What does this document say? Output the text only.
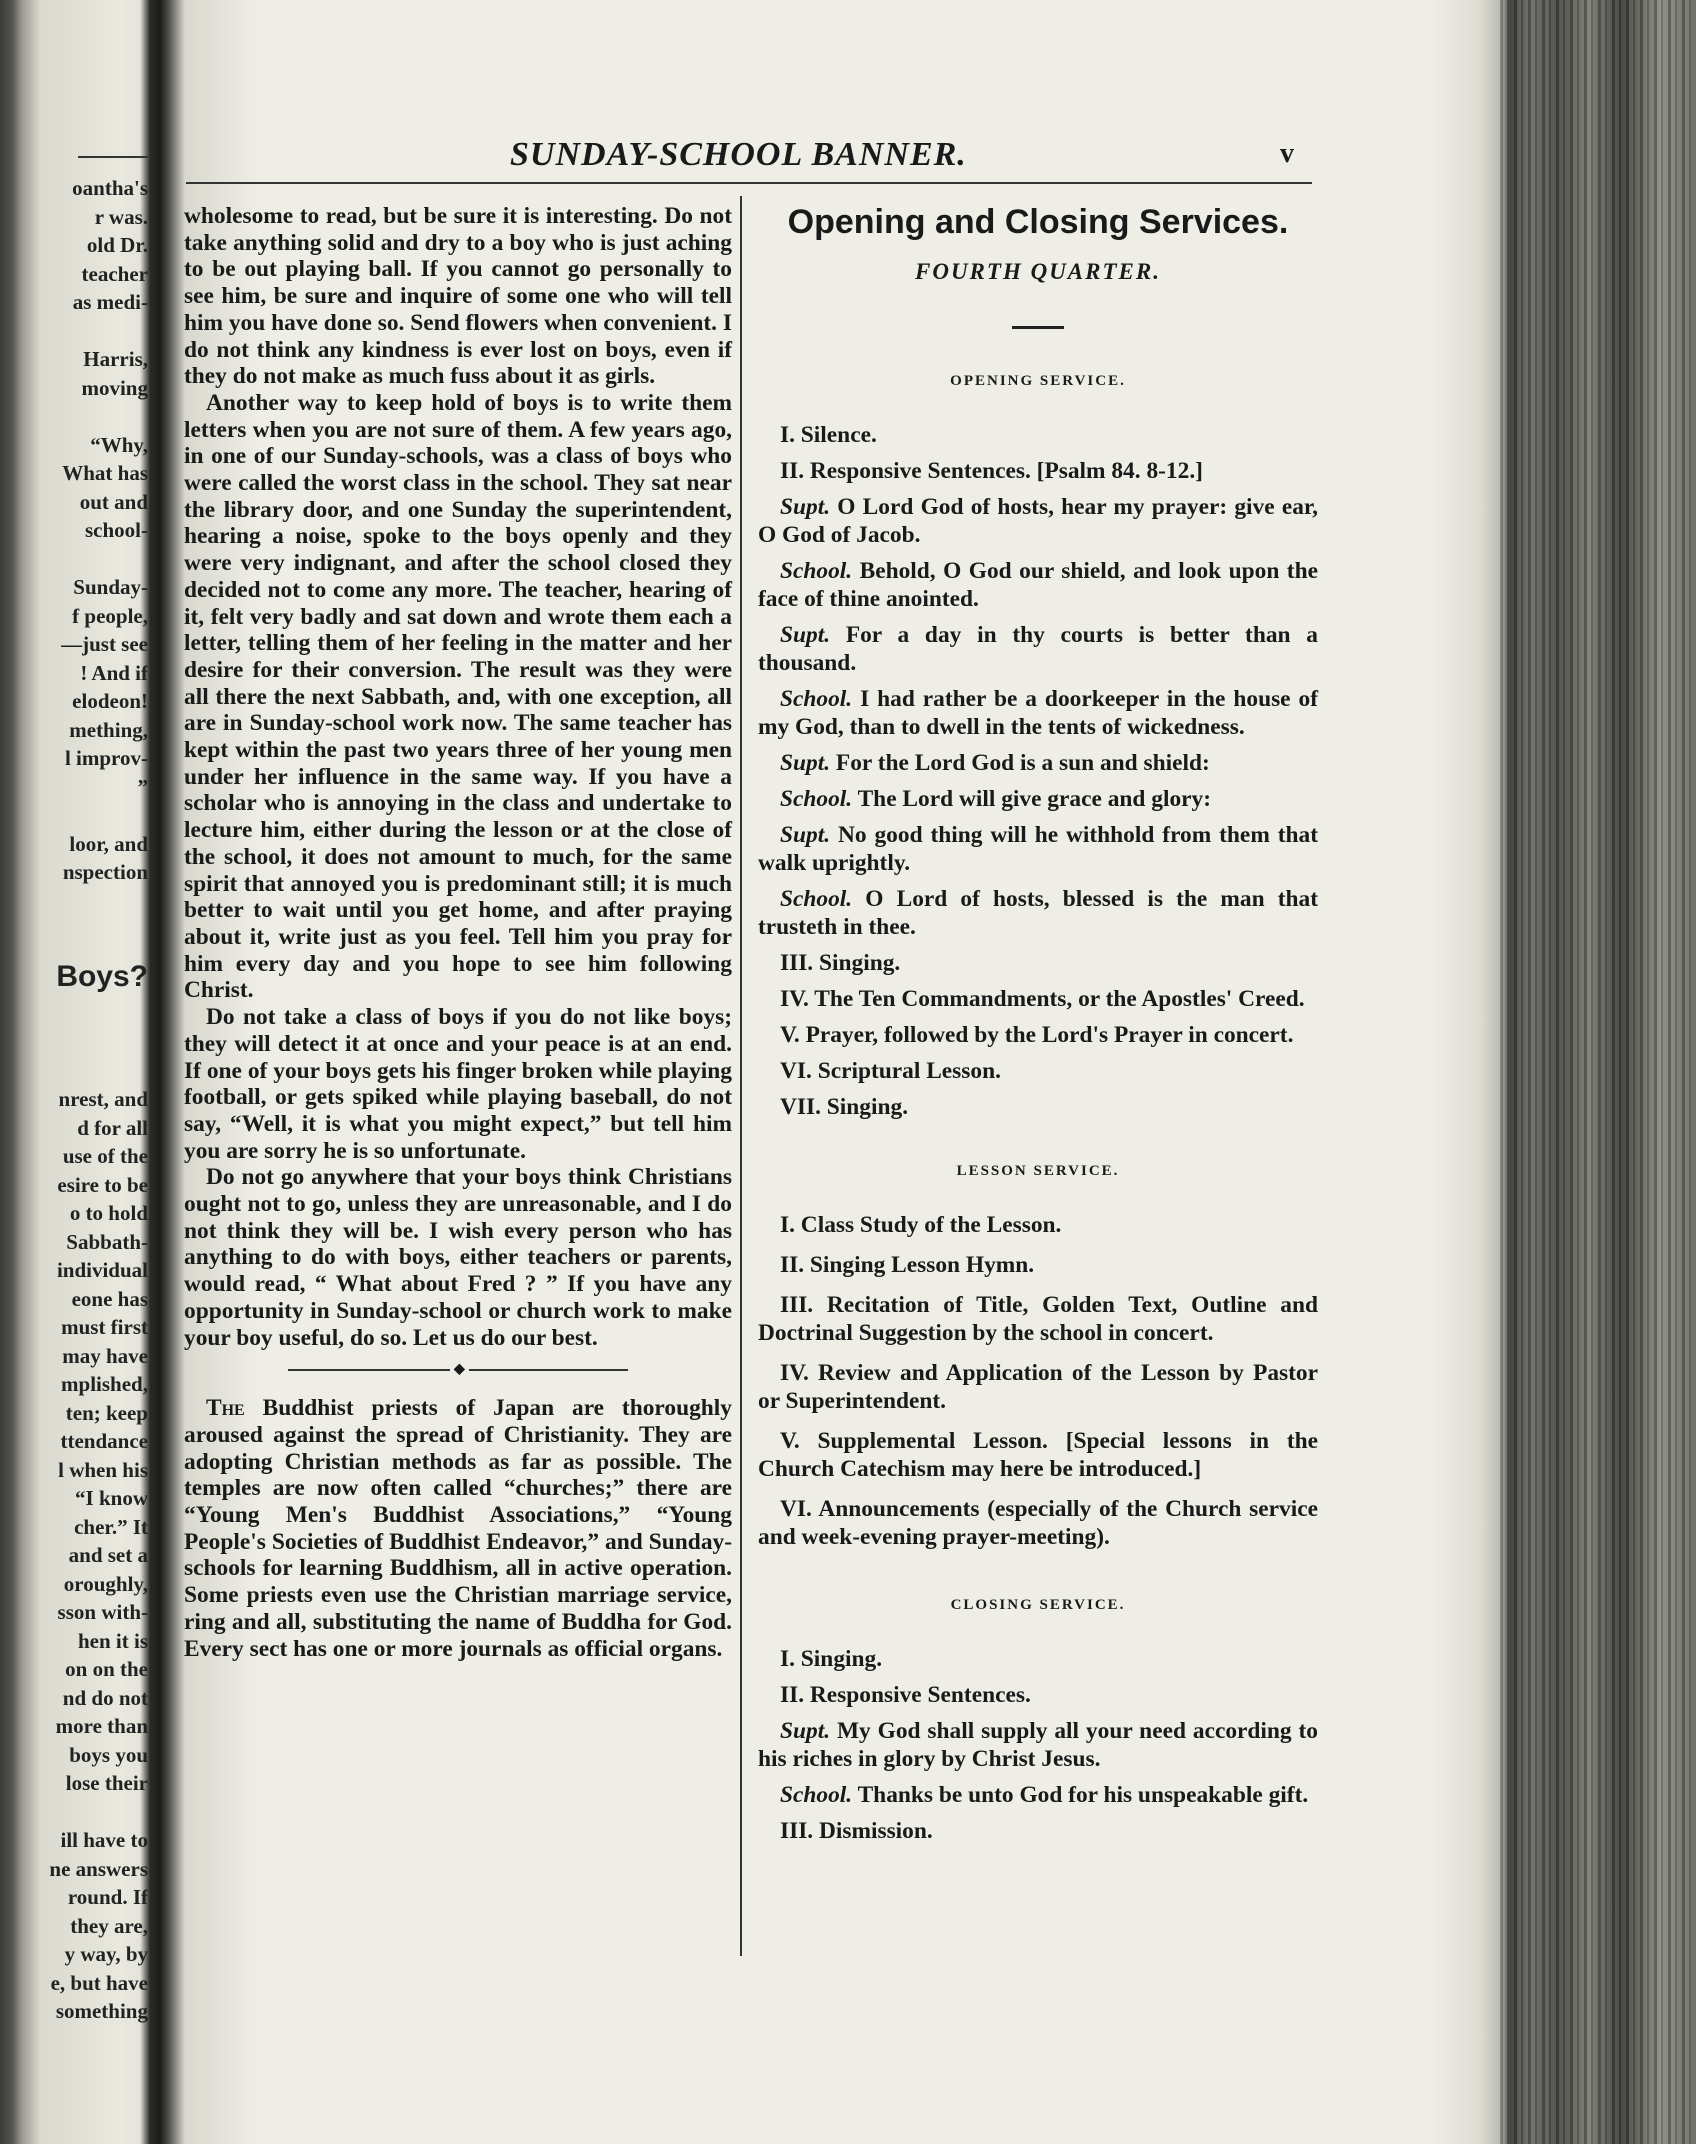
oantha's
r was.
old Dr.
teacher
as medi-
Harris,
moving
“Why,
What has
out and
school-
Sunday-
f people,
—just see
! And if
elodeon!
mething,
l improv-
”
loor, and
nspection
Boys?
nrest, and
d for all
use of the
esire to be
o to hold
Sabbath-
individual
eone has
must first
may have
mplished,
ten; keep
ttendance
l when his
“I know
cher.” It
and set a
oroughly,
sson with-
hen it is
on on the
nd do not
more than
boys you
lose their
ill have to
ne answers
round. If
they are,
y way, by
e, but have
something
SUNDAY-SCHOOL BANNER.	v

wholesome to read, but be sure it is interesting. Do not take anything solid and dry to a boy who is just aching to be out playing ball. If you cannot go personally to see him, be sure and inquire of some one who will tell him you have done so. Send flowers when convenient. I do not think any kindness is ever lost on boys, even if they do not make as much fuss about it as girls.

Another way to keep hold of boys is to write them letters when you are not sure of them. A few years ago, in one of our Sunday-schools, was a class of boys who were called the worst class in the school. They sat near the library door, and one Sunday the superintendent, hearing a noise, spoke to the boys openly and they were very indignant, and after the school closed they decided not to come any more. The teacher, hearing of it, felt very badly and sat down and wrote them each a letter, telling them of her feeling in the matter and her desire for their conversion. The result was they were all there the next Sabbath, and, with one exception, all are in Sunday-school work now. The same teacher has kept within the past two years three of her young men under her influence in the same way. If you have a scholar who is annoying in the class and undertake to lecture him, either during the lesson or at the close of the school, it does not amount to much, for the same spirit that annoyed you is predominant still; it is much better to wait until you get home, and after praying about it, write just as you feel. Tell him you pray for him every day and you hope to see him following Christ.

Do not take a class of boys if you do not like boys; they will detect it at once and your peace is at an end. If one of your boys gets his finger broken while playing football, or gets spiked while playing baseball, do not say, “Well, it is what you might expect,” but tell him you are sorry he is so unfortunate.

Do not go anywhere that your boys think Christians ought not to go, unless they are unreasonable, and I do not think they will be. I wish every person who has anything to do with boys, either teachers or parents, would read, “ What about Fred ? ” If you have any opportunity in Sunday-school or church work to make your boy useful, do so. Let us do our best.

◆

The Buddhist priests of Japan are thoroughly aroused against the spread of Christianity. They are adopting Christian methods as far as possible. The temples are now often called “churches;” there are “Young Men's Buddhist Associations,” “Young People's Societies of Buddhist Endeavor,” and Sunday-schools for learning Buddhism, all in active operation. Some priests even use the Christian marriage service, ring and all, substituting the name of Buddha for God. Every sect has one or more journals as official organs.

Opening and Closing Services.
FOURTH QUARTER.
OPENING SERVICE.

I. Silence.

II. Responsive Sentences. [Psalm 84. 8-12.]

Supt. O Lord God of hosts, hear my prayer: give ear, O God of Jacob.

School. Behold, O God our shield, and look upon the face of thine anointed.

Supt. For a day in thy courts is better than a thousand.

School. I had rather be a doorkeeper in the house of my God, than to dwell in the tents of wickedness.

Supt. For the Lord God is a sun and shield:

School. The Lord will give grace and glory:

Supt. No good thing will he withhold from them that walk uprightly.

School. O Lord of hosts, blessed is the man that trusteth in thee.

III. Singing.

IV. The Ten Commandments, or the Apostles' Creed.

V. Prayer, followed by the Lord's Prayer in concert.

VI. Scriptural Lesson.

VII. Singing.

LESSON SERVICE.

I. Class Study of the Lesson.

II. Singing Lesson Hymn.

III. Recitation of Title, Golden Text, Outline and Doctrinal Suggestion by the school in concert.

IV. Review and Application of the Lesson by Pastor or Superintendent.

V. Supplemental Lesson. [Special lessons in the Church Catechism may here be introduced.]

VI. Announcements (especially of the Church service and week-evening prayer-meeting).

CLOSING SERVICE.

I. Singing.

II. Responsive Sentences.

Supt. My God shall supply all your need according to his riches in glory by Christ Jesus.

School. Thanks be unto God for his unspeakable gift.

III. Dismission.
